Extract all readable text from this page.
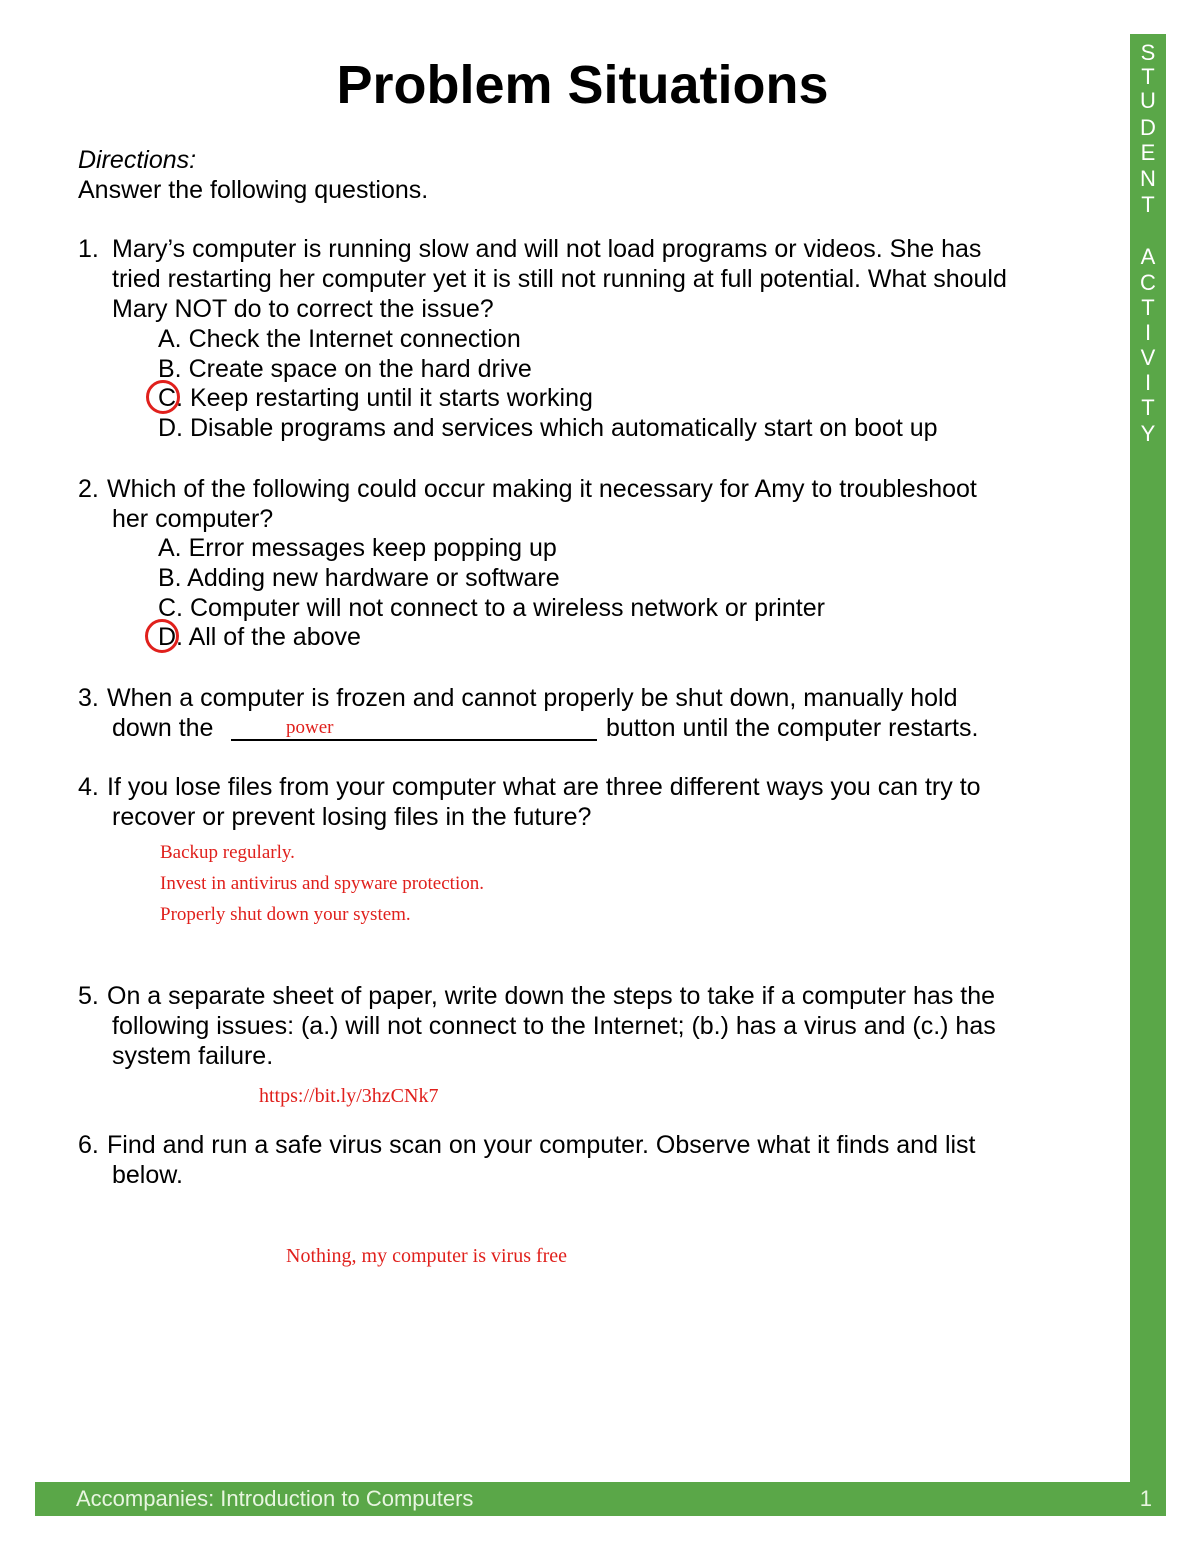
Problem Situations
Directions:
Answer the following questions.
1. Mary’s computer is running slow and will not load programs or videos. She has
tried restarting her computer yet it is still not running at full potential. What should
Mary NOT do to correct the issue?
A. Check the Internet connection
B. Create space on the hard drive
C. Keep restarting until it starts working
D. Disable programs and services which automatically start on boot up
2. Which of the following could occur making it necessary for Amy to troubleshoot
her computer?
A. Error messages keep popping up
B. Adding new hardware or software
C. Computer will not connect to a wireless network or printer
D. All of the above
3. When a computer is frozen and cannot properly be shut down, manually hold
down the	power	button until the computer restarts.
4. If you lose files from your computer what are three different ways you can try to
recover or prevent losing files in the future?
Backup regularly.
Invest in antivirus and spyware protection.
Properly shut down your system.
5. On a separate sheet of paper, write down the steps to take if a computer has the
following issues: (a.) will not connect to the Internet; (b.) has a virus and (c.) has
system failure.
https://bit.ly/3hzCNk7
6. Find and run a safe virus scan on your computer. Observe what it finds and list
below.
Nothing, my computer is virus free
S
T
U
D
E
N
T
A
C
T
I
V
I
T
Y
Accompanies: Introduction to Computers	1
